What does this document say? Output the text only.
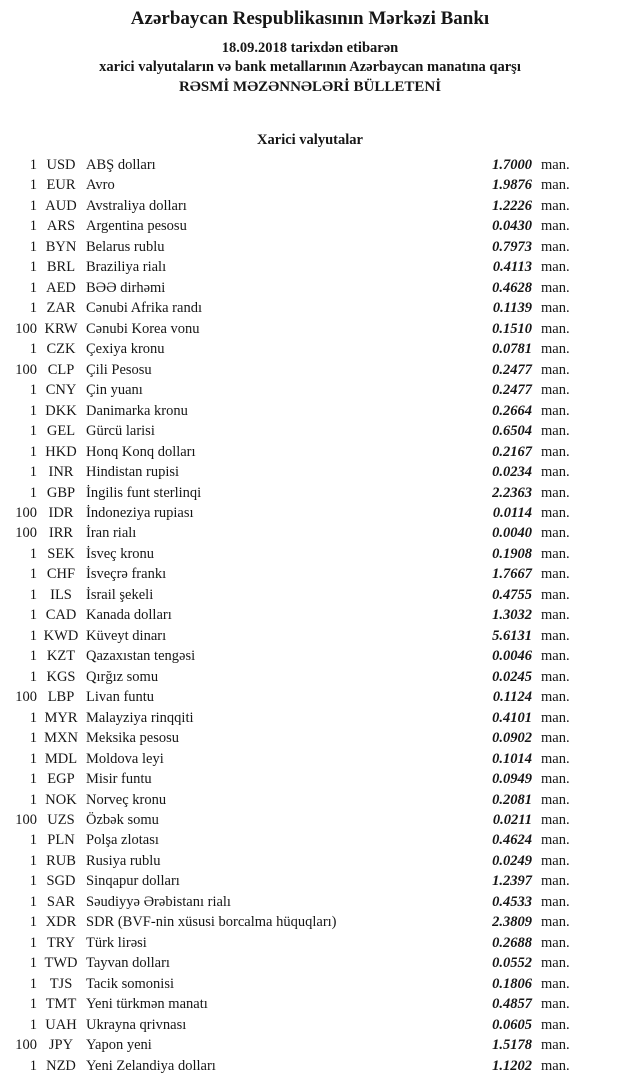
Azərbaycan Respublikasının Mərkəzi Bankı
18.09.2018 tarixdən etibarən
xarici valyutaların və bank metallarının Azərbaycan manatına qarşı
RƏSMİ MƏZƏNNƏLƏRİ BÜLLETENİ
Xarici valyutalar
1 USD ABŞ dolları	1.7000 man.
1 EUR Avro	1.9876 man.
1 AUD Avstraliya dolları	1.2226 man.
1 ARS Argentina pesosu	0.0430 man.
1 BYN Belarus rublu	0.7973 man.
1 BRL Braziliya rialı	0.4113 man.
1 AED BƏƏ dirhəmi	0.4628 man.
1 ZAR Cənubi Afrika randı	0.1139 man.
100 KRW Cənubi Korea vonu	0.1510 man.
1 CZK Çexiya kronu	0.0781 man.
100 CLP Çili Pesosu	0.2477 man.
1 CNY Çin yuanı	0.2477 man.
1 DKK Danimarka kronu	0.2664 man.
1 GEL Gürcü larisi	0.6504 man.
1 HKD Honq Konq dolları	0.2167 man.
1 INR Hindistan rupisi	0.0234 man.
1 GBP İngilis funt sterlinqi	2.2363 man.
100 IDR İndoneziya rupiası	0.0114 man.
100 IRR İran rialı	0.0040 man.
1 SEK İsveç kronu	0.1908 man.
1 CHF İsveçrə frankı	1.7667 man.
1 ILS İsrail şekeli	0.4755 man.
1 CAD Kanada dolları	1.3032 man.
1 KWD Küveyt dinarı	5.6131 man.
1 KZT Qazaxıstan tengəsi	0.0046 man.
1 KGS Qırğız somu	0.0245 man.
100 LBP Livan funtu	0.1124 man.
1 MYR Malayziya rinqqiti	0.4101 man.
1 MXN Meksika pesosu	0.0902 man.
1 MDL Moldova leyi	0.1014 man.
1 EGP Misir funtu	0.0949 man.
1 NOK Norveç kronu	0.2081 man.
100 UZS Özbək somu	0.0211 man.
1 PLN Polşa zlotası	0.4624 man.
1 RUB Rusiya rublu	0.0249 man.
1 SGD Sinqapur dolları	1.2397 man.
1 SAR Səudiyyə Ərəbistanı rialı	0.4533 man.
1 XDR SDR (BVF-nin xüsusi borcalma hüquqları)	2.3809 man.
1 TRY Türk lirəsi	0.2688 man.
1 TWD Tayvan dolları	0.0552 man.
1 TJS Tacik somonisi	0.1806 man.
1 TMT Yeni türkmən manatı	0.4857 man.
1 UAH Ukrayna qrivnası	0.0605 man.
100 JPY Yapon yeni	1.5178 man.
1 NZD Yeni Zelandiya dolları	1.1202 man.
